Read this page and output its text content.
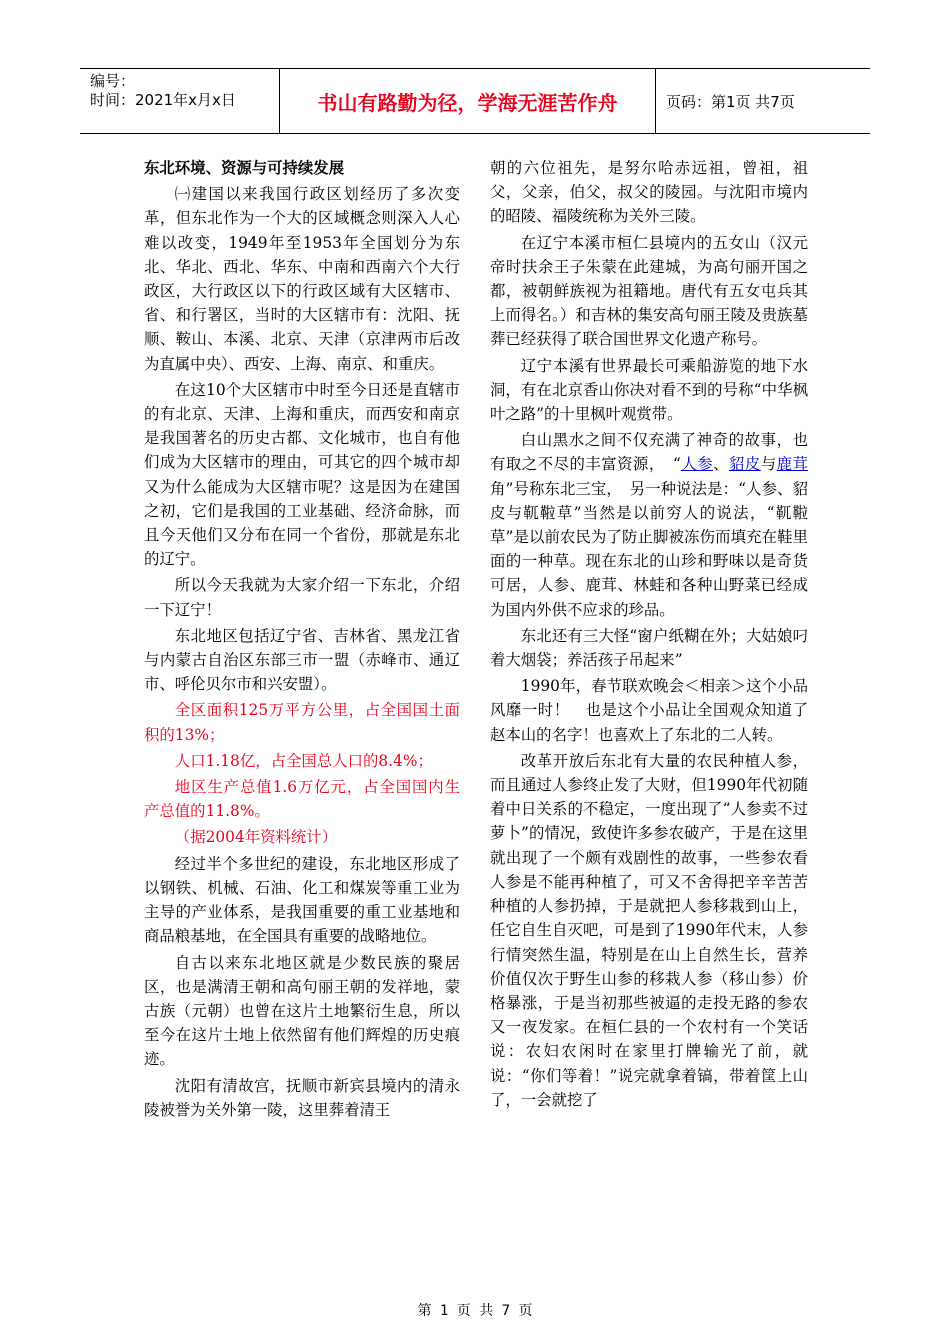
编号：
时间：2021年x月x日	书山有路勤为径，学海无涯苦作舟	页码：第1页 共7页

东北环境、资源与可持续发展

㈠建国以来我国行政区划经历了多次变革，但东北作为一个大的区域概念则深入人心难以改变，1949年至1953年全国划分为东北、华北、西北、华东、中南和西南六个大行政区，大行政区以下的行政区域有大区辖市、省、和行署区，当时的大区辖市有：沈阳、抚顺、鞍山、本溪、北京、天津（京津两市后改为直属中央）、西安、上海、南京、和重庆。

在这10个大区辖市中时至今日还是直辖市的有北京、天津、上海和重庆，而西安和南京是我国著名的历史古都、文化城市，也自有他们成为大区辖市的理由，可其它的四个城市却又为什么能成为大区辖市呢？这是因为在建国之初，它们是我国的工业基础、经济命脉，而且今天他们又分布在同一个省份，那就是东北的辽宁。

所以今天我就为大家介绍一下东北，介绍一下辽宁！

东北地区包括辽宁省、吉林省、黑龙江省与内蒙古自治区东部三市一盟（赤峰市、通辽市、呼伦贝尔市和兴安盟）。

全区面积125万平方公里，占全国国土面积的13%；

人口1.18亿，占全国总人口的8.4%；

地区生产总值1.6万亿元，占全国国内生产总值的11.8%。

（据2004年资料统计）

经过半个多世纪的建设，东北地区形成了以钢铁、机械、石油、化工和煤炭等重工业为主导的产业体系，是我国重要的重工业基地和商品粮基地，在全国具有重要的战略地位。

自古以来东北地区就是少数民族的聚居区，也是满清王朝和高句丽王朝的发祥地，蒙古族（元朝）也曾在这片土地繁衍生息，所以至今在这片土地上依然留有他们辉煌的历史痕迹。

沈阳有清故宫，抚顺市新宾县境内的清永陵被誉为关外第一陵，这里葬着清王

朝的六位祖先，是努尔哈赤远祖，曾祖，祖父，父亲，伯父，叔父的陵园。与沈阳市境内的昭陵、福陵统称为关外三陵。

在辽宁本溪市桓仁县境内的五女山（汉元帝时扶余王子朱蒙在此建城，为高句丽开国之都，被朝鲜族视为祖籍地。唐代有五女屯兵其上而得名。）和吉林的集安高句丽王陵及贵族墓葬已经获得了联合国世界文化遗产称号。

辽宁本溪有世界最长可乘船游览的地下水洞，有在北京香山你决对看不到的号称“中华枫叶之路”的十里枫叶观赏带。

白山黑水之间不仅充满了神奇的故事，也有取之不尽的丰富资源，　“人参、貂皮与鹿茸角”号称东北三宝，　另一种说法是：“人参、貂皮与靰鞡草”当然是以前穷人的说法，“靰鞡草”是以前农民为了防止脚被冻伤而填充在鞋里面的一种草。现在东北的山珍和野味以是奇货可居，人参、鹿茸、林蛙和各种山野菜已经成为国内外供不应求的珍品。

东北还有三大怪“窗户纸糊在外；大姑娘叼着大烟袋；养活孩子吊起来”

1990年，春节联欢晚会＜相亲＞这个小品风靡一时！　也是这个小品让全国观众知道了赵本山的名字！也喜欢上了东北的二人转。

改革开放后东北有大量的农民种植人参，而且通过人参终止发了大财，但1990年代初随着中日关系的不稳定，一度出现了“人参卖不过萝卜”的情况，致使许多参农破产，于是在这里就出现了一个颇有戏剧性的故事，一些参农看人参是不能再种植了，可又不舍得把辛辛苦苦种植的人参扔掉，于是就把人参移栽到山上，任它自生自灭吧，可是到了1990年代末，人参行情突然生温，特别是在山上自然生长，营养价值仅次于野生山参的移栽人参（移山参）价格暴涨，于是当初那些被逼的走投无路的参农又一夜发家。在桓仁县的一个农村有一个笑话说：农妇农闲时在家里打牌输光了前，就说：“你们等着！”说完就拿着镐，带着筐上山了，一会就挖了

第 1 页 共 7 页
